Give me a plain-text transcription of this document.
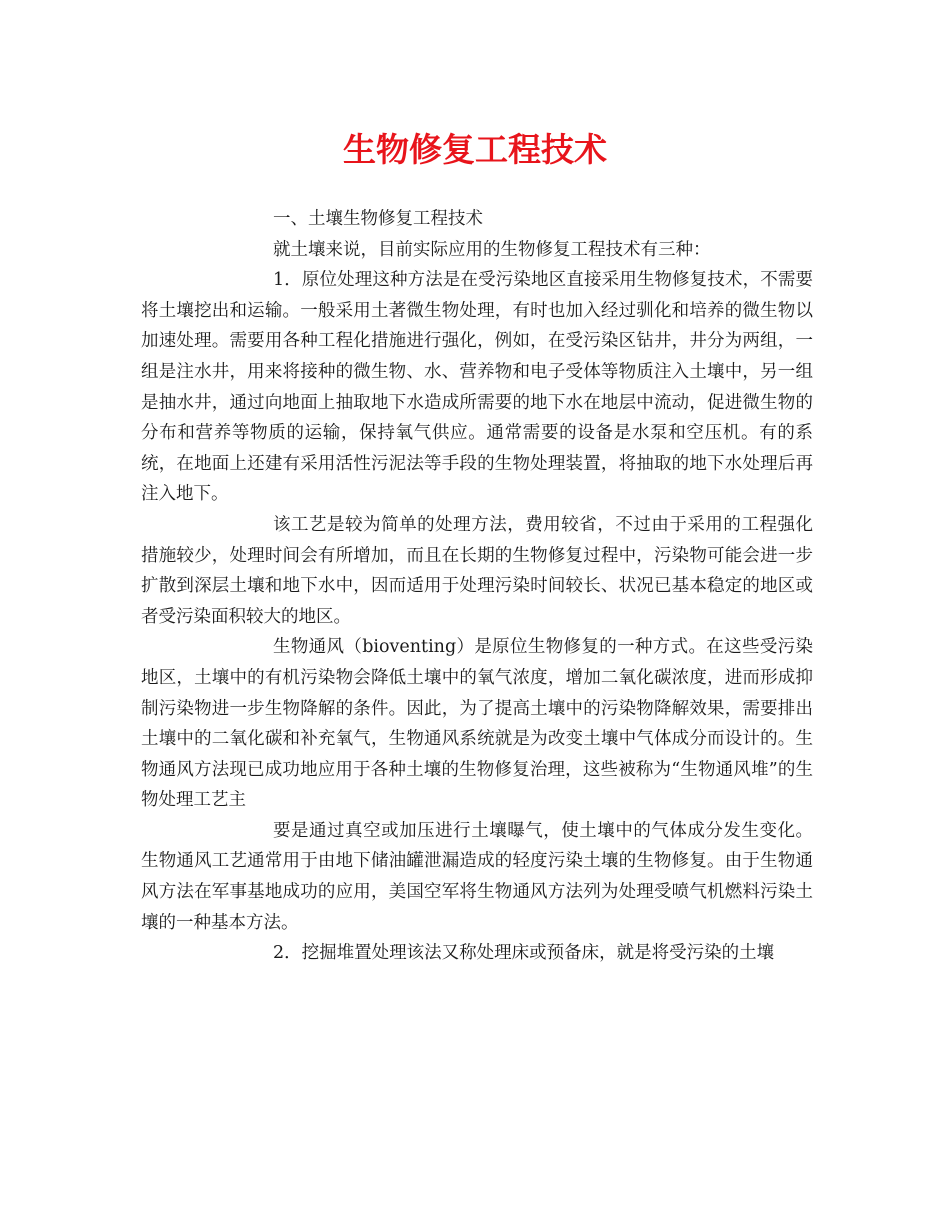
生物修复工程技术

一、土壤生物修复工程技术

就土壤来说，目前实际应用的生物修复工程技术有三种：

1．原位处理这种方法是在受污染地区直接采用生物修复技术，不需要将土壤挖出和运输。一般采用土著微生物处理，有时也加入经过驯化和培养的微生物以加速处理。需要用各种工程化措施进行强化，例如，在受污染区钻井，井分为两组，一组是注水井，用来将接种的微生物、水、营养物和电子受体等物质注入土壤中，另一组是抽水井，通过向地面上抽取地下水造成所需要的地下水在地层中流动，促进微生物的分布和营养等物质的运输，保持氧气供应。通常需要的设备是水泵和空压机。有的系统，在地面上还建有采用活性污泥法等手段的生物处理装置，将抽取的地下水处理后再注入地下。

该工艺是较为简单的处理方法，费用较省，不过由于采用的工程强化措施较少，处理时间会有所增加，而且在长期的生物修复过程中，污染物可能会进一步扩散到深层土壤和地下水中，因而适用于处理污染时间较长、状况已基本稳定的地区或者受污染面积较大的地区。

生物通风（bioventing）是原位生物修复的一种方式。在这些受污染地区，土壤中的有机污染物会降低土壤中的氧气浓度，增加二氧化碳浓度，进而形成抑制污染物进一步生物降解的条件。因此，为了提高土壤中的污染物降解效果，需要排出土壤中的二氧化碳和补充氧气，生物通风系统就是为改变土壤中气体成分而设计的。生物通风方法现已成功地应用于各种土壤的生物修复治理，这些被称为“生物通风堆”的生物处理工艺主

要是通过真空或加压进行土壤曝气，使土壤中的气体成分发生变化。生物通风工艺通常用于由地下储油罐泄漏造成的轻度污染土壤的生物修复。由于生物通风方法在军事基地成功的应用，美国空军将生物通风方法列为处理受喷气机燃料污染土壤的一种基本方法。

2．挖掘堆置处理该法又称处理床或预备床，就是将受污染的土壤
